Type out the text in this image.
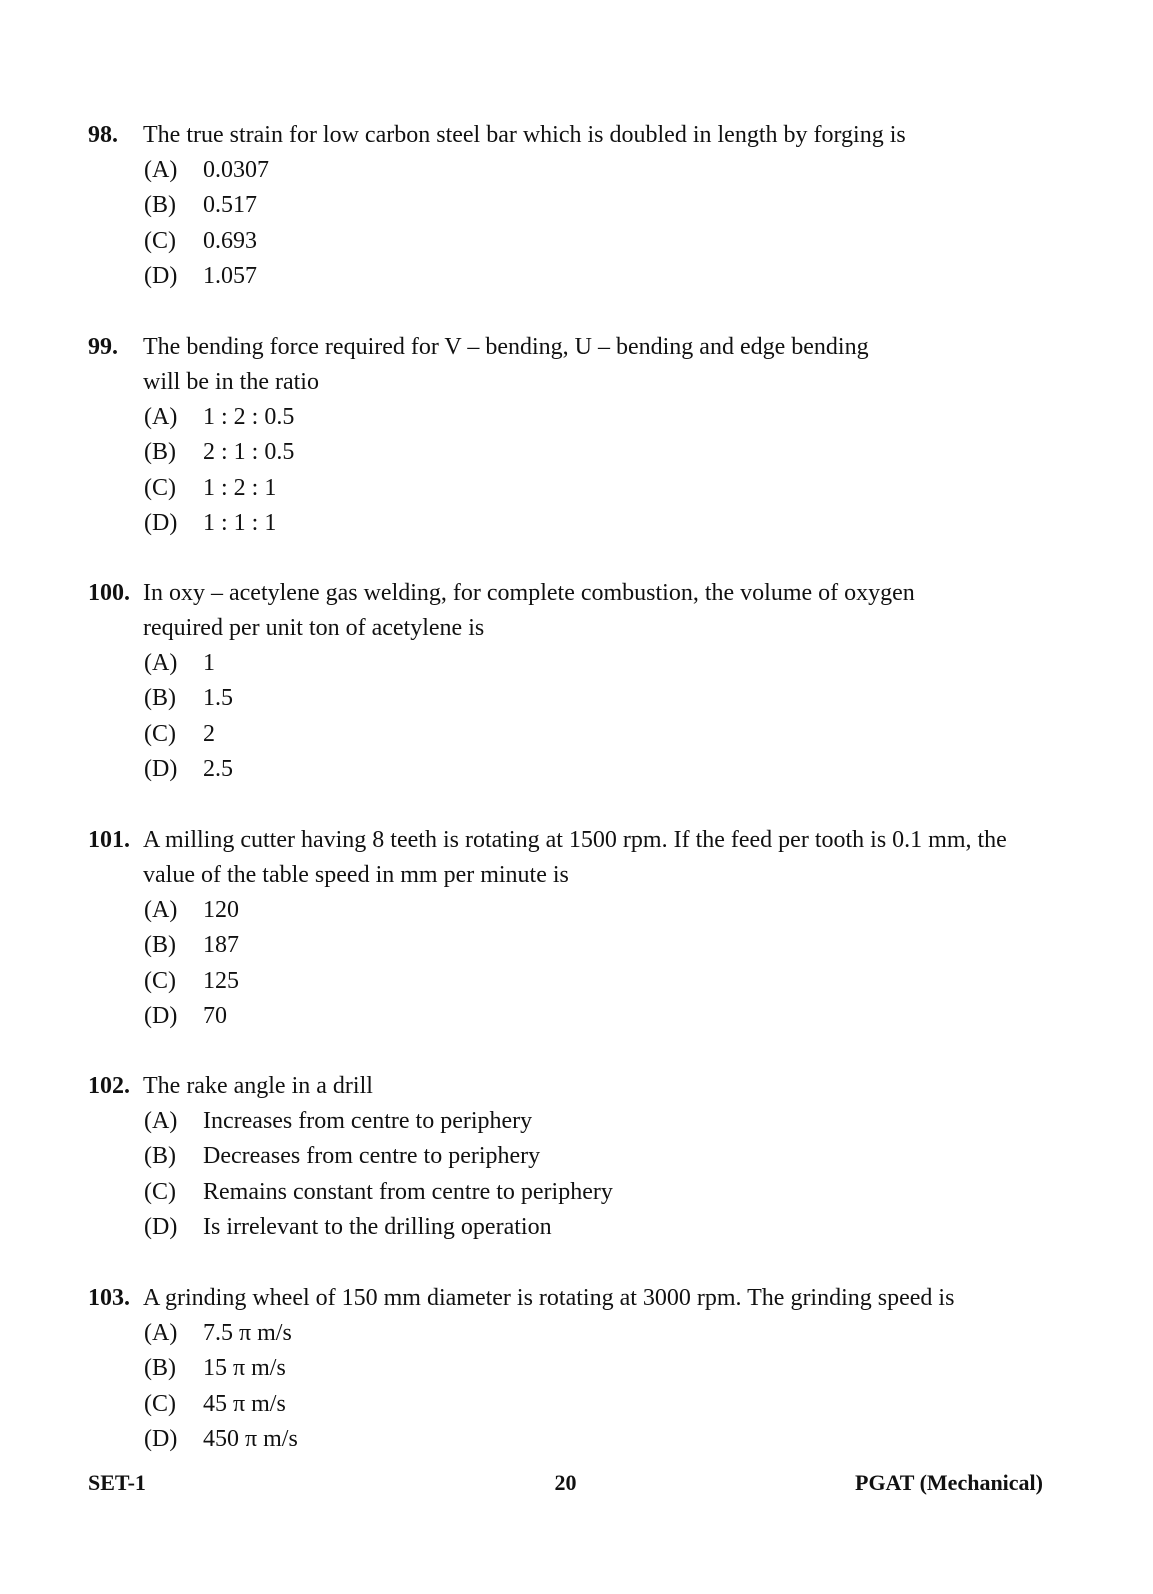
98. The true strain for low carbon steel bar which is doubled in length by forging is
(A) 0.0307
(B) 0.517
(C) 0.693
(D) 1.057
99. The bending force required for V – bending, U – bending and edge bending will be in the ratio
(A) 1 : 2 : 0.5
(B) 2 : 1 : 0.5
(C) 1 : 2 : 1
(D) 1 : 1 : 1
100. In oxy – acetylene gas welding, for complete combustion, the volume of oxygen required per unit ton of acetylene is
(A) 1
(B) 1.5
(C) 2
(D) 2.5
101. A milling cutter having 8 teeth is rotating at 1500 rpm. If the feed per tooth is 0.1 mm, the value of the table speed in mm per minute is
(A) 120
(B) 187
(C) 125
(D) 70
102. The rake angle in a drill
(A) Increases from centre to periphery
(B) Decreases from centre to periphery
(C) Remains constant from centre to periphery
(D) Is irrelevant to the drilling operation
103. A grinding wheel of 150 mm diameter is rotating at 3000 rpm. The grinding speed is
(A) 7.5 π m/s
(B) 15 π m/s
(C) 45 π m/s
(D) 450 π m/s
20
SET-1	PGAT (Mechanical)
